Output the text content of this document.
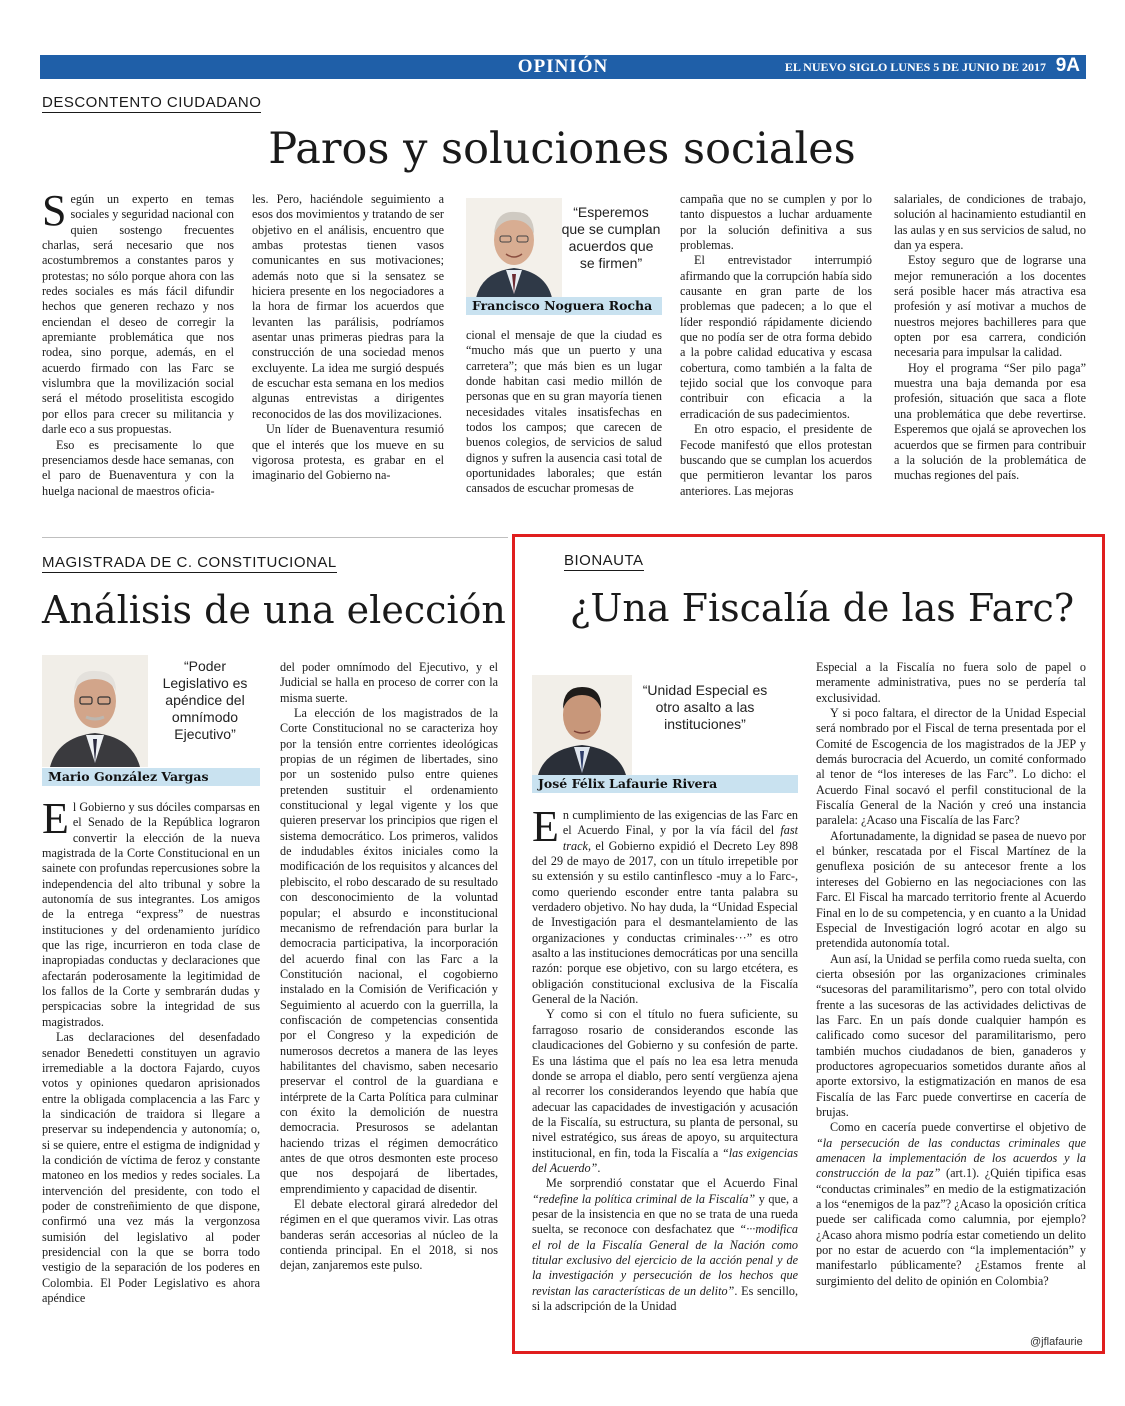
OPINIÓN	EL NUEVO SIGLO LUNES 5 DE JUNIO DE 2017 9A
DESCONTENTO CIUDADANO
Paros y soluciones sociales

Según un experto en temas sociales y seguridad nacional con quien sostengo frecuentes charlas, será necesario que nos acostumbremos a constantes paros y protestas; no sólo porque ahora con las redes sociales es más fácil difundir hechos que generen rechazo y nos enciendan el deseo de corregir la apremiante problemática que nos rodea, sino porque, además, en el acuerdo firmado con las Farc se vislumbra que la movilización social será el método proselitista escogido por ellos para crecer su militancia y darle eco a sus propuestas.

Eso es precisamente lo que presenciamos desde hace semanas, con el paro de Buenaventura y con la huelga nacional de maestros oficia-

les. Pero, haciéndole seguimiento a esos dos movimientos y tratando de ser objetivo en el análisis, encuentro que ambas protestas tienen vasos comunicantes en sus motivaciones; además noto que si la sensatez se hiciera presente en los negociadores a la hora de firmar los acuerdos que levanten las parálisis, podríamos asentar unas primeras piedras para la construcción de una sociedad menos excluyente. La idea me surgió después de escuchar esta semana en los medios algunas entrevistas a dirigentes reconocidos de las dos movilizaciones.

Un líder de Buenaventura resumió que el interés que los mueve en su vigorosa protesta, es grabar en el imaginario del Gobierno na-

“Esperemos que se cumplan acuerdos que se firmen”
Francisco Noguera Rocha

cional el mensaje de que la ciudad es “mucho más que un puerto y una carretera”; que más bien es un lugar donde habitan casi medio millón de personas que en su gran mayoría tienen necesidades vitales insatisfechas en todos los campos; que carecen de buenos colegios, de servicios de salud dignos y sufren la ausencia casi total de oportunidades laborales; que están cansados de escuchar promesas de

campaña que no se cumplen y por lo tanto dispuestos a luchar arduamente por la solución definitiva a sus problemas.

El entrevistador interrumpió afirmando que la corrupción había sido causante en gran parte de los problemas que padecen; a lo que el líder respondió rápidamente diciendo que no podía ser de otra forma debido a la pobre calidad educativa y escasa cobertura, como también a la falta de tejido social que los convoque para contribuir con eficacia a la erradicación de sus padecimientos.

En otro espacio, el presidente de Fecode manifestó que ellos protestan buscando que se cumplan los acuerdos que permitieron levantar los paros anteriores. Las mejoras

salariales, de condiciones de trabajo, solución al hacinamiento estudiantil en las aulas y en sus servicios de salud, no dan ya espera.

Estoy seguro que de lograrse una mejor remuneración a los docentes será posible hacer más atractiva esa profesión y así motivar a muchos de nuestros mejores bachilleres para que opten por esa carrera, condición necesaria para impulsar la calidad.

Hoy el programa “Ser pilo paga” muestra una baja demanda por esa profesión, situación que saca a flote una problemática que debe revertirse. Esperemos que ojalá se aprovechen los acuerdos que se firmen para contribuir a la solución de la problemática de muchas regiones del país.

MAGISTRADA DE C. CONSTITUCIONAL
Análisis de una elección
“Poder Legislativo es apéndice del omnímodo Ejecutivo”
Mario González Vargas

El Gobierno y sus dóciles comparsas en el Senado de la República lograron convertir la elección de la nueva magistrada de la Corte Constitucional en un sainete con profundas repercusiones sobre la independencia del alto tribunal y sobre la autonomía de sus integrantes. Los amigos de la entrega “express” de nuestras instituciones y del ordenamiento jurídico que las rige, incurrieron en toda clase de inapropiadas conductas y declaraciones que afectarán poderosamente la legitimidad de los fallos de la Corte y sembrarán dudas y perspicacias sobre la integridad de sus magistrados.

Las declaraciones del desenfadado senador Benedetti constituyen un agravio irremediable a la doctora Fajardo, cuyos votos y opiniones quedaron aprisionados entre la obligada complacencia a las Farc y la sindicación de traidora si llegare a preservar su independencia y autonomía; o, si se quiere, entre el estigma de indignidad y la condición de víctima de feroz y constante matoneo en los medios y redes sociales. La intervención del presidente, con todo el poder de constreñimiento de que dispone, confirmó una vez más la vergonzosa sumisión del legislativo al poder presidencial con la que se borra todo vestigio de la separación de los poderes en Colombia. El Poder Legislativo es ahora apéndice

del poder omnímodo del Ejecutivo, y el Judicial se halla en proceso de correr con la misma suerte.

La elección de los magistrados de la Corte Constitucional no se caracteriza hoy por la tensión entre corrientes ideológicas propias de un régimen de libertades, sino por un sostenido pulso entre quienes pretenden sustituir el ordenamiento constitucional y legal vigente y los que quieren preservar los principios que rigen el sistema democrático. Los primeros, validos de indudables éxitos iniciales como la modificación de los requisitos y alcances del plebiscito, el robo descarado de su resultado con desconocimiento de la voluntad popular; el absurdo e inconstitucional mecanismo de refrendación para burlar la democracia participativa, la incorporación del acuerdo final con las Farc a la Constitución nacional, el cogobierno instalado en la Comisión de Verificación y Seguimiento al acuerdo con la guerrilla, la confiscación de competencias consentida por el Congreso y la expedición de numerosos decretos a manera de las leyes habilitantes del chavismo, saben necesario preservar el control de la guardiana e intérprete de la Carta Política para culminar con éxito la demolición de nuestra democracia. Presurosos se adelantan haciendo trizas el régimen democrático antes de que otros desmonten este proceso que nos despojará de libertades, emprendimiento y capacidad de disentir.

El debate electoral girará alrededor del régimen en el que queramos vivir. Las otras banderas serán accesorias al núcleo de la contienda principal. En el 2018, si nos dejan, zanjaremos este pulso.

BIONAUTA
¿Una Fiscalía de las Farc?
“Unidad Especial es otro asalto a las instituciones”
José Félix Lafaurie Rivera

En cumplimiento de las exigencias de las Farc en el Acuerdo Final, y por la vía fácil del fast track, el Gobierno expidió el Decreto Ley 898 del 29 de mayo de 2017, con un título irrepetible por su extensión y su estilo cantinflesco -muy a lo Farc-, como queriendo esconder entre tanta palabra su verdadero objetivo. No hay duda, la “Unidad Especial de Investigación para el desmantelamiento de las organizaciones y conductas criminales···” es otro asalto a las instituciones democráticas por una sencilla razón: porque ese objetivo, con su largo etcétera, es obligación constitucional exclusiva de la Fiscalía General de la Nación.

Y como si con el título no fuera suficiente, su farragoso rosario de considerandos esconde las claudicaciones del Gobierno y su confesión de parte. Es una lástima que el país no lea esa letra menuda donde se arropa el diablo, pero sentí vergüenza ajena al recorrer los considerandos leyendo que había que adecuar las capacidades de investigación y acusación de la Fiscalía, su estructura, su planta de personal, su nivel estratégico, sus áreas de apoyo, su arquitectura institucional, en fin, toda la Fiscalía a “las exigencias del Acuerdo”.

Me sorprendió constatar que el Acuerdo Final “redefine la política criminal de la Fiscalía” y que, a pesar de la insistencia en que no se trata de una rueda suelta, se reconoce con desfachatez que “···modifica el rol de la Fiscalía General de la Nación como titular exclusivo del ejercicio de la acción penal y de la investigación y persecución de los hechos que revistan las características de un delito”. Es sencillo, si la adscripción de la Unidad

Especial a la Fiscalía no fuera solo de papel o meramente administrativa, pues no se perdería tal exclusividad.

Y si poco faltara, el director de la Unidad Especial será nombrado por el Fiscal de terna presentada por el Comité de Escogencia de los magistrados de la JEP y demás burocracia del Acuerdo, un comité conformado al tenor de “los intereses de las Farc”. Lo dicho: el Acuerdo Final socavó el perfil constitucional de la Fiscalía General de la Nación y creó una instancia paralela: ¿Acaso una Fiscalía de las Farc?

Afortunadamente, la dignidad se pasea de nuevo por el búnker, rescatada por el Fiscal Martínez de la genuflexa posición de su antecesor frente a los intereses del Gobierno en las negociaciones con las Farc. El Fiscal ha marcado territorio frente al Acuerdo Final en lo de su competencia, y en cuanto a la Unidad Especial de Investigación logró acotar en algo su pretendida autonomía total.

Aun así, la Unidad se perfila como rueda suelta, con cierta obsesión por las organizaciones criminales “sucesoras del paramilitarismo”, pero con total olvido frente a las sucesoras de las actividades delictivas de las Farc. En un país donde cualquier hampón es calificado como sucesor del paramilitarismo, pero también muchos ciudadanos de bien, ganaderos y productores agropecuarios sometidos durante años al aporte extorsivo, la estigmatización en manos de esa Fiscalía de las Farc puede convertirse en cacería de brujas.

Como en cacería puede convertirse el objetivo de “la persecución de las conductas criminales que amenacen la implementación de los acuerdos y la construcción de la paz” (art.1). ¿Quién tipifica esas “conductas criminales” en medio de la estigmatización a los “enemigos de la paz”? ¿Acaso la oposición crítica puede ser calificada como calumnia, por ejemplo? ¿Acaso ahora mismo podría estar cometiendo un delito por no estar de acuerdo con “la implementación” y manifestarlo públicamente? ¿Estamos frente al surgimiento del delito de opinión en Colombia?

@jflafaurie
